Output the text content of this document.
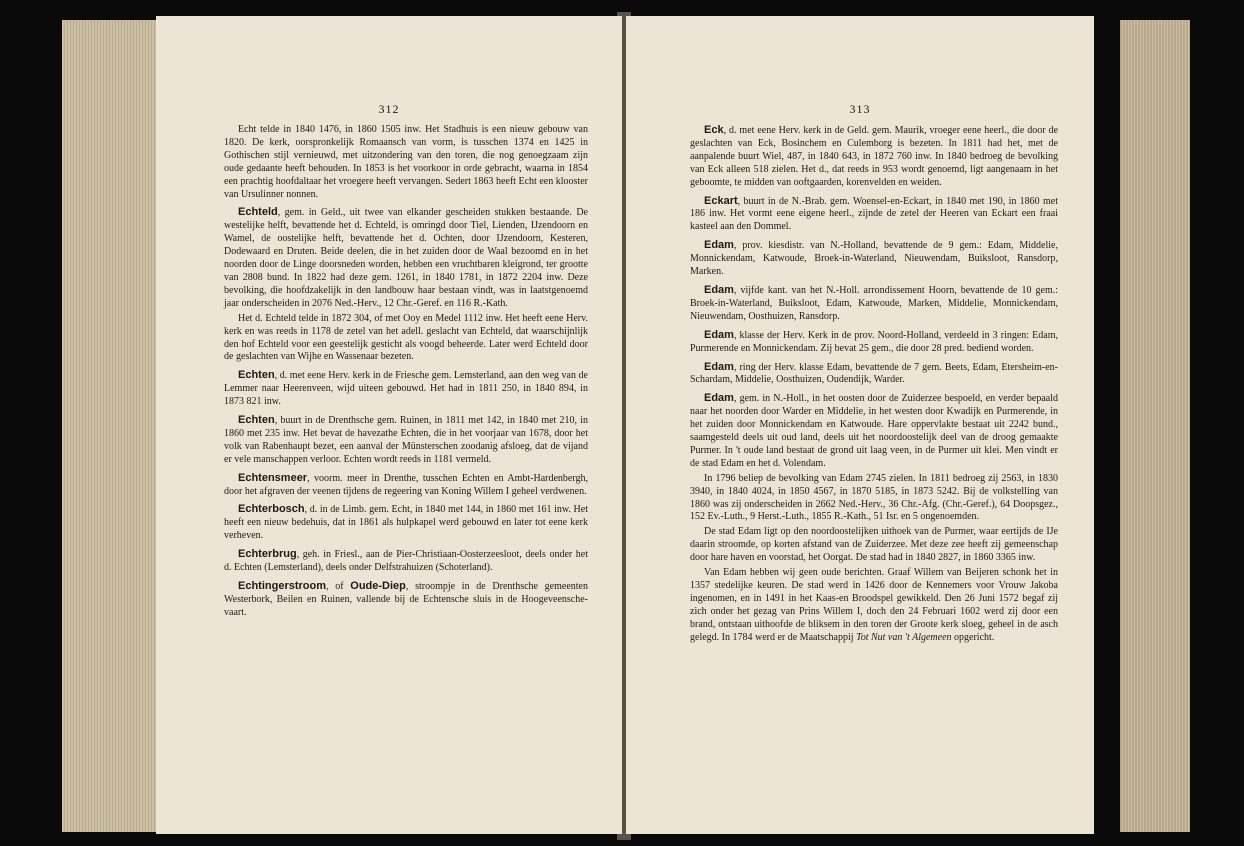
312

Echt telde in 1840 1476, in 1860 1505 inw. Het Stadhuis is een nieuw gebouw van 1820. De kerk, oorspronkelijk Romaansch van vorm, is tusschen 1374 en 1425 in Gothischen stijl vernieuwd, met uitzondering van den toren, die nog genoegzaam zijn oude gedaante heeft behouden. In 1853 is het voorkoor in orde gebracht, waarna in 1854 een prachtig hoofdaltaar het vroegere heeft vervangen. Sedert 1863 heeft Echt een klooster van Ursulinner nonnen.

Echteld, gem. in Geld., uit twee van elkander gescheiden stukken bestaande. De westelijke helft, bevattende het d. Echteld, is omringd door Tiel, Lienden, IJzendoorn en Wamel, de oostelijke helft, bevattende het d. Ochten, door IJzendoorn, Kesteren, Dodewaard en Druten. Beide deelen, die in het zuiden door de Waal bezoomd en in het noorden door de Linge doorsneden worden, hebben een vruchtbaren kleigrond, ter grootte van 2808 bund. In 1822 had deze gem. 1261, in 1840 1781, in 1872 2204 inw. Deze bevolking, die hoofdzakelijk in den landbouw haar bestaan vindt, was in laatstgenoemd jaar onderscheiden in 2076 Ned.-Herv., 12 Chr.-Geref. en 116 R.-Kath.

Het d. Echteld telde in 1872 304, of met Ooy en Medel 1112 inw. Het heeft eene Herv. kerk en was reeds in 1178 de zetel van het adell. geslacht van Echteld, dat waarschijnlijk den hof Echteld voor een geestelijk gesticht als voogd beheerde. Later werd Echteld door de geslachten van Wijhe en Wassenaar bezeten.

Echten, d. met eene Herv. kerk in de Friesche gem. Lemsterland, aan den weg van de Lemmer naar Heerenveen, wijd uiteen gebouwd. Het had in 1811 250, in 1840 894, in 1873 821 inw.

Echten, buurt in de Drenthsche gem. Ruinen, in 1811 met 142, in 1840 met 210, in 1860 met 235 inw. Het bevat de havezathe Echten, die in het voorjaar van 1678, door het volk van Rabenhaupt bezet, een aanval der Münsterschen zoodanig afsloeg, dat de vijand er vele manschappen verloor. Echten wordt reeds in 1181 vermeld.

Echtensmeer, voorm. meer in Drenthe, tusschen Echten en Ambt-Hardenbergh, door het afgraven der veenen tijdens de regeering van Koning Willem I geheel verdwenen.

Echterbosch, d. in de Limb. gem. Echt, in 1840 met 144, in 1860 met 161 inw. Het heeft een nieuw bedehuis, dat in 1861 als hulpkapel werd gebouwd en later tot eene kerk verheven.

Echterbrug, geh. in Friesl., aan de Pier-Christiaan-Oosterzeesloot, deels onder het d. Echten (Lemsterland), deels onder Delfstrahuizen (Schoterland).

Echtingerstroom, of Oude-Diep, stroompje in de Drenthsche gemeenten Westerbork, Beilen en Ruinen, vallende bij de Echtensche sluis in de Hoogeveensche-vaart.

313

Eck, d. met eene Herv. kerk in de Geld. gem. Maurik, vroeger eene heerl., die door de geslachten van Eck, Bosinchem en Culemborg is bezeten. In 1811 had het, met de aanpalende buurt Wiel, 487, in 1840 643, in 1872 760 inw. In 1840 bedroeg de bevolking van Eck alleen 518 zielen. Het d., dat reeds in 953 wordt genoemd, ligt aangenaam in het geboomte, te midden van ooftgaarden, korenvelden en weiden.

Eckart, buurt in de N.-Brab. gem. Woensel-en-Eckart, in 1840 met 190, in 1860 met 186 inw. Het vormt eene eigene heerl., zijnde de zetel der Heeren van Eckart een fraai kasteel aan den Dommel.

Edam, prov. kiesdistr. van N.-Holland, bevattende de 9 gem.: Edam, Middelie, Monnickendam, Katwoude, Broek-in-Waterland, Nieuwendam, Buiksloot, Ransdorp, Marken.

Edam, vijfde kant. van het N.-Holl. arrondissement Hoorn, bevattende de 10 gem.: Broek-in-Waterland, Buiksloot, Edam, Katwoude, Marken, Middelie, Monnickendam, Nieuwendam, Oosthuizen, Ransdorp.

Edam, klasse der Herv. Kerk in de prov. Noord-Holland, verdeeld in 3 ringen: Edam, Purmerende en Monnickendam. Zij bevat 25 gem., die door 28 pred. bediend worden.

Edam, ring der Herv. klasse Edam, bevattende de 7 gem. Beets, Edam, Etersheim-en-Schardam, Middelie, Oosthuizen, Oudendijk, Warder.

Edam, gem. in N.-Holl., in het oosten door de Zuiderzee bespoeld, en verder bepaald naar het noorden door Warder en Middelie, in het westen door Kwadijk en Purmerende, in het zuiden door Monnickendam en Katwoude. Hare oppervlakte bestaat uit 2242 bund., saamgesteld deels uit oud land, deels uit het noordoostelijk deel van de droog gemaakte Purmer. In 't oude land bestaat de grond uit laag veen, in de Purmer uit klei. Men vindt er de stad Edam en het d. Volendam.

In 1796 beliep de bevolking van Edam 2745 zielen. In 1811 bedroeg zij 2563, in 1830 3940, in 1840 4024, in 1850 4567, in 1870 5185, in 1873 5242. Bij de volkstelling van 1860 was zij onderscheiden in 2662 Ned.-Herv., 36 Chr.-Afg. (Chr.-Geref.), 64 Doopsgez., 152 Ev.-Luth., 9 Herst.-Luth., 1855 R.-Kath., 51 Isr. en 5 ongenoemden.

De stad Edam ligt op den noordoostelijken uithoek van de Purmer, waar eertijds de IJe daarin stroomde, op korten afstand van de Zuiderzee. Met deze zee heeft zij gemeenschap door hare haven en voorstad, het Oorgat. De stad had in 1840 2827, in 1860 3365 inw.

Van Edam hebben wij geen oude berichten. Graaf Willem van Beijeren schonk het in 1357 stedelijke keuren. De stad werd in 1426 door de Kennemers voor Vrouw Jakoba ingenomen, en in 1491 in het Kaas-en Broodspel gewikkeld. Den 26 Juni 1572 begaf zij zich onder het gezag van Prins Willem I, doch den 24 Februari 1602 werd zij door een brand, ontstaan uithoofde de bliksem in den toren der Groote kerk sloeg, geheel in de asch gelegd. In 1784 werd er de Maatschappij Tot Nut van 't Algemeen opgericht.
